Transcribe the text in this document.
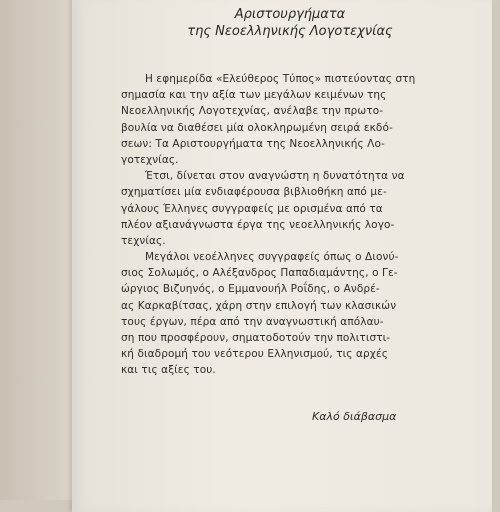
Αριστουργήματα
της Νεοελληνικής Λογοτεχνίας
Η εφημερίδα «Ελεύθερος Τύπος» πιστεύοντας στη
σημασία και την αξία των μεγάλων κειμένων της
Νεοελληνικής Λογοτεχνίας, ανέλαβε την πρωτο-
βουλία να διαθέσει μία ολοκληρωμένη σειρά εκδό-
σεων: Τα Αριστουργήματα της Νεοελληνικής Λο-
γοτεχνίας.
Έτσι, δίνεται στον αναγνώστη η δυνατότητα να
σχηματίσει μία ενδιαφέρουσα βιβλιοθήκη από με-
γάλους Έλληνες συγγραφείς με ορισμένα από τα
πλέον αξιανάγνωστα έργα της νεοελληνικής λογο-
τεχνίας.
Μεγάλοι νεοέλληνες συγγραφείς όπως ο Διονύ-
σιος Σολωμός, ο Αλέξανδρος Παπαδιαμάντης, ο Γε-
ώργιος Βιζυηνός, ο Εμμανουήλ Ροΐδης, ο Ανδρέ-
ας Καρκαβίτσας, χάρη στην επιλογή των κλασικών
τους έργων, πέρα από την αναγνωστική απόλαυ-
ση που προσφέρουν, σηματοδοτούν την πολιτιστι-
κή διαδρομή του νεότερου Ελληνισμού, τις αρχές
και τις αξίες του.
Καλό διάβασμα
